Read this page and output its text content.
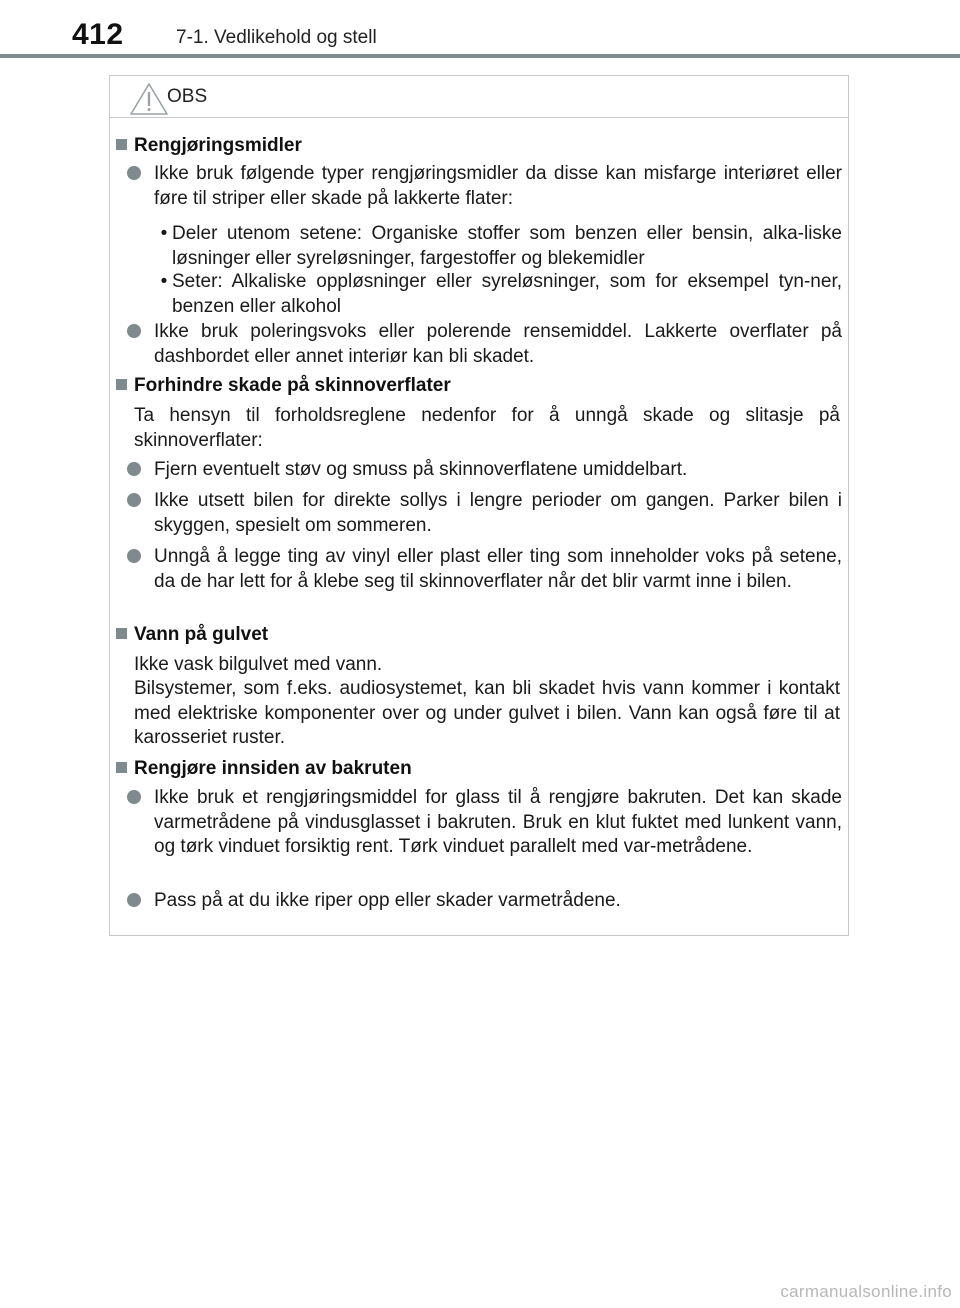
412	7-1. Vedlikehold og stell
OBS
Rengjøringsmidler
Ikke bruk følgende typer rengjøringsmidler da disse kan misfarge interiøret eller føre til striper eller skade på lakkerte flater:
• Deler utenom setene: Organiske stoffer som benzen eller bensin, alka-liske løsninger eller syreløsninger, fargestoffer og blekemidler
• Seter: Alkaliske oppløsninger eller syreløsninger, som for eksempel tyn-ner, benzen eller alkohol
Ikke bruk poleringsvoks eller polerende rensemiddel. Lakkerte overflater på dashbordet eller annet interiør kan bli skadet.
Forhindre skade på skinnoverflater
Ta hensyn til forholdsreglene nedenfor for å unngå skade og slitasje på skinnoverflater:
Fjern eventuelt støv og smuss på skinnoverflatene umiddelbart.
Ikke utsett bilen for direkte sollys i lengre perioder om gangen. Parker bilen i skyggen, spesielt om sommeren.
Unngå å legge ting av vinyl eller plast eller ting som inneholder voks på setene, da de har lett for å klebe seg til skinnoverflater når det blir varmt inne i bilen.
Vann på gulvet
Ikke vask bilgulvet med vann.
Bilsystemer, som f.eks. audiosystemet, kan bli skadet hvis vann kommer i kontakt med elektriske komponenter over og under gulvet i bilen. Vann kan også føre til at karosseriet ruster.
Rengjøre innsiden av bakruten
Ikke bruk et rengjøringsmiddel for glass til å rengjøre bakruten. Det kan skade varmetrådene på vindusglasset i bakruten. Bruk en klut fuktet med lunkent vann, og tørk vinduet forsiktig rent. Tørk vinduet parallelt med var-metrådene.
Pass på at du ikke riper opp eller skader varmetrådene.
carmanualsonline.info
